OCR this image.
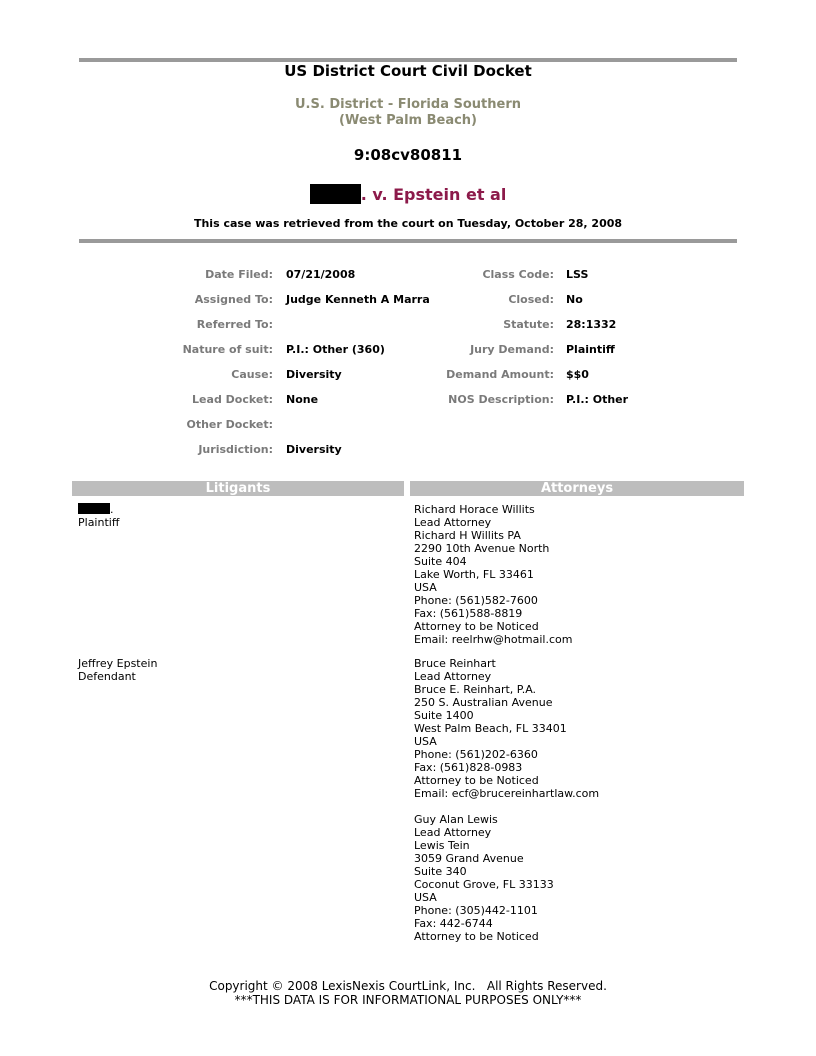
US District Court Civil Docket
U.S. District - Florida Southern
(West Palm Beach)
9:08cv80811
. v. Epstein et al
This case was retrieved from the court on Tuesday, October 28, 2008
Date Filed: 07/21/2008
Assigned To: Judge Kenneth A Marra
Referred To:
Nature of suit: P.I.: Other (360)
Cause: Diversity
Lead Docket: None
Other Docket:
Jurisdiction: Diversity
Class Code: LSS
Closed: No
Statute: 28:1332
Jury Demand: Plaintiff
Demand Amount: $$0
NOS Description: P.I.: Other
Litigants	Attorneys
.
Plaintiff
Richard Horace Willits
Lead Attorney
Richard H Willits PA
2290 10th Avenue North
Suite 404
Lake Worth, FL 33461
USA
Phone: (561)582-7600
Fax: (561)588-8819
Attorney to be Noticed
Email: reelrhw@hotmail.com
Jeffrey Epstein
Defendant
Bruce Reinhart
Lead Attorney
Bruce E. Reinhart, P.A.
250 S. Australian Avenue
Suite 1400
West Palm Beach, FL 33401
USA
Phone: (561)202-6360
Fax: (561)828-0983
Attorney to be Noticed
Email: ecf@brucereinhartlaw.com
Guy Alan Lewis
Lead Attorney
Lewis Tein
3059 Grand Avenue
Suite 340
Coconut Grove, FL 33133
USA
Phone: (305)442-1101
Fax: 442-6744
Attorney to be Noticed
Copyright © 2008 LexisNexis CourtLink, Inc.   All Rights Reserved.
***THIS DATA IS FOR INFORMATIONAL PURPOSES ONLY***
